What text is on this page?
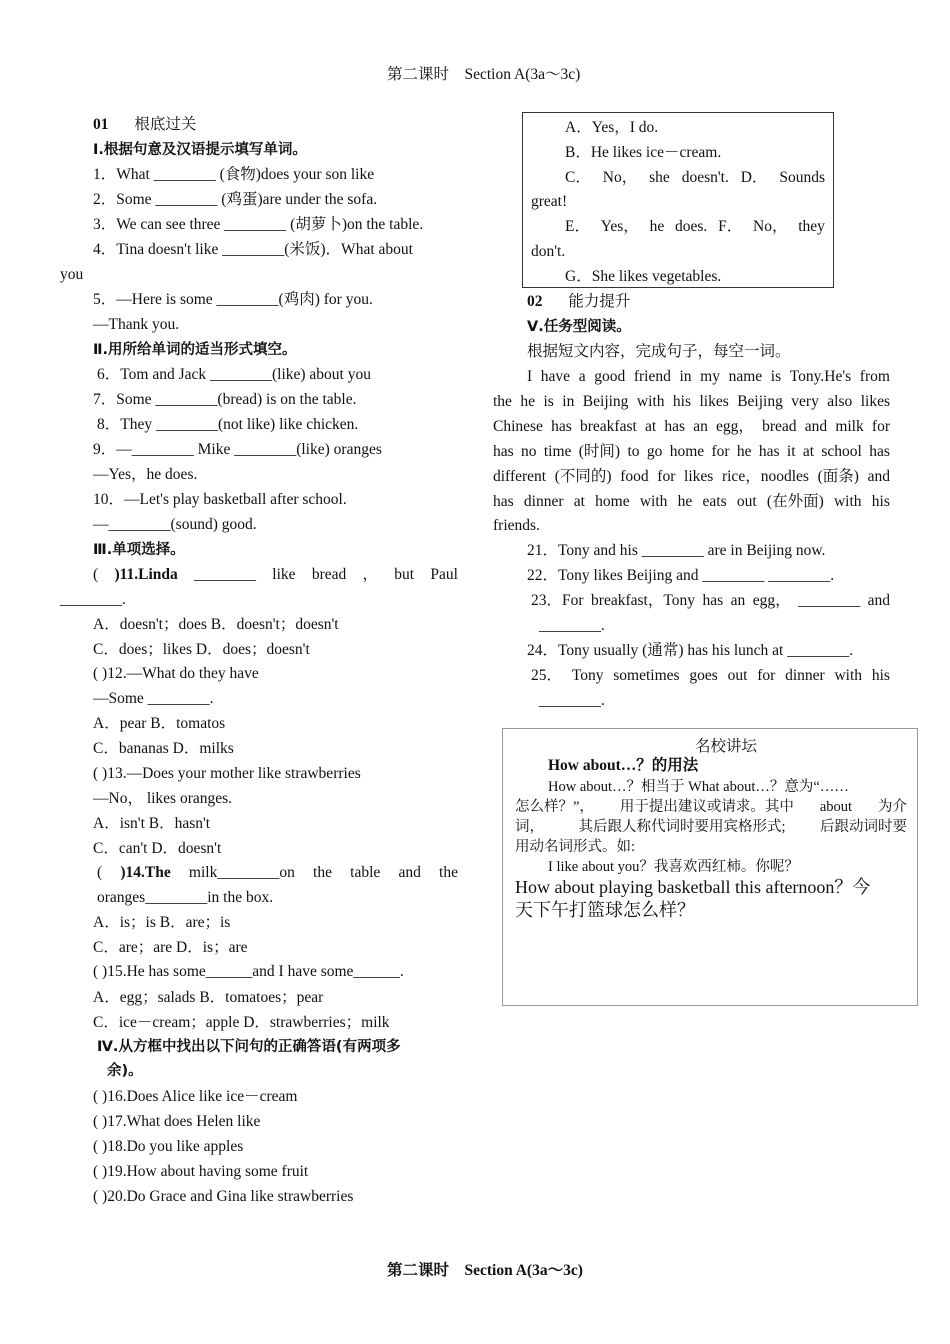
第二课时　Section A(3a～3c)
01 根底过关
Ⅰ.根据句意及汉语提示填写单词。
1．What ________ (食物)does your son like
2．Some ________ (鸡蛋)are under the sofa.
3．We can see three ________ (胡萝卜)on the table.
4．Tina doesn't like ________(米饭)．What about
you
5．—Here is some ________(鸡肉) for you.
—Thank you.
Ⅱ.用所给单词的适当形式填空。
6．Tom and Jack ________(like) about you
7．Some ________(bread) is on the table.
8．They ________(not like) like chicken.
9．—________ Mike ________(like) oranges
—Yes，he does.
10．—Let's play basketball after school.
—________(sound) good.
Ⅲ.单项选择。
( )11.Linda ________ like bread ， but Paul
________.
A．doesn't；does B．doesn't；doesn't
C．does；likes D．does；doesn't
( )12.—What do they have
—Some ________.
A．pear B．tomatos
C．bananas D．milks
( )13.—Does your mother like strawberries
—No， likes oranges.
A．isn't B．hasn't
C．can't D．doesn't
( )14.The milk________on the table and the
oranges________in the box.
A．is；is B．are；is
C．are；are D．is；are
( )15.He has some______and I have some______.
A．egg；salads B．tomatoes；pear
C．ice－cream；apple D．strawberries；milk
Ⅳ.从方框中找出以下问句的正确答语(有两项多
余)。
( )16.Does Alice like ice－cream
( )17.What does Helen like
( )18.Do you like apples
( )19.How about having some fruit
( )20.Do Grace and Gina like strawberries
A．Yes，I do.
B．He likes ice－cream.
C． No， she doesn't. D． Sounds
great!
E． Yes， he does. F． No， they
don't.
G．She likes vegetables.
02 能力提升
Ⅴ.任务型阅读。
根据短文内容，完成句子，每空一词。
I have a good friend in my name is Tony.He's from
the he is in Beijing with his likes Beijing very also likes
Chinese has breakfast at has an egg， bread and milk for
has no time (时间) to go home for he has it at school has
different (不同的) food for likes rice，noodles (面条) and
has dinner at home with he eats out (在外面) with his
friends.
21．Tony and his ________ are in Beijing now.
22．Tony likes Beijing and ________ ________.
23．For breakfast，Tony has an egg， ________ and
________.
24．Tony usually (通常) has his lunch at ________.
25． Tony sometimes goes out for dinner with his
________.
名校讲坛
How about…？的用法
How about…？相当于 What about…？意为“……
怎么样？”， 用于提出建议或请求。其中 about 为介
词， 其后跟人称代词时要用宾格形式; 后跟动词时要
用动名词形式。如:
I like about you？我喜欢西红柿。你呢？
How about playing basketball this afternoon？今
天下午打篮球怎么样？
第二课时　Section A(3a～3c)
